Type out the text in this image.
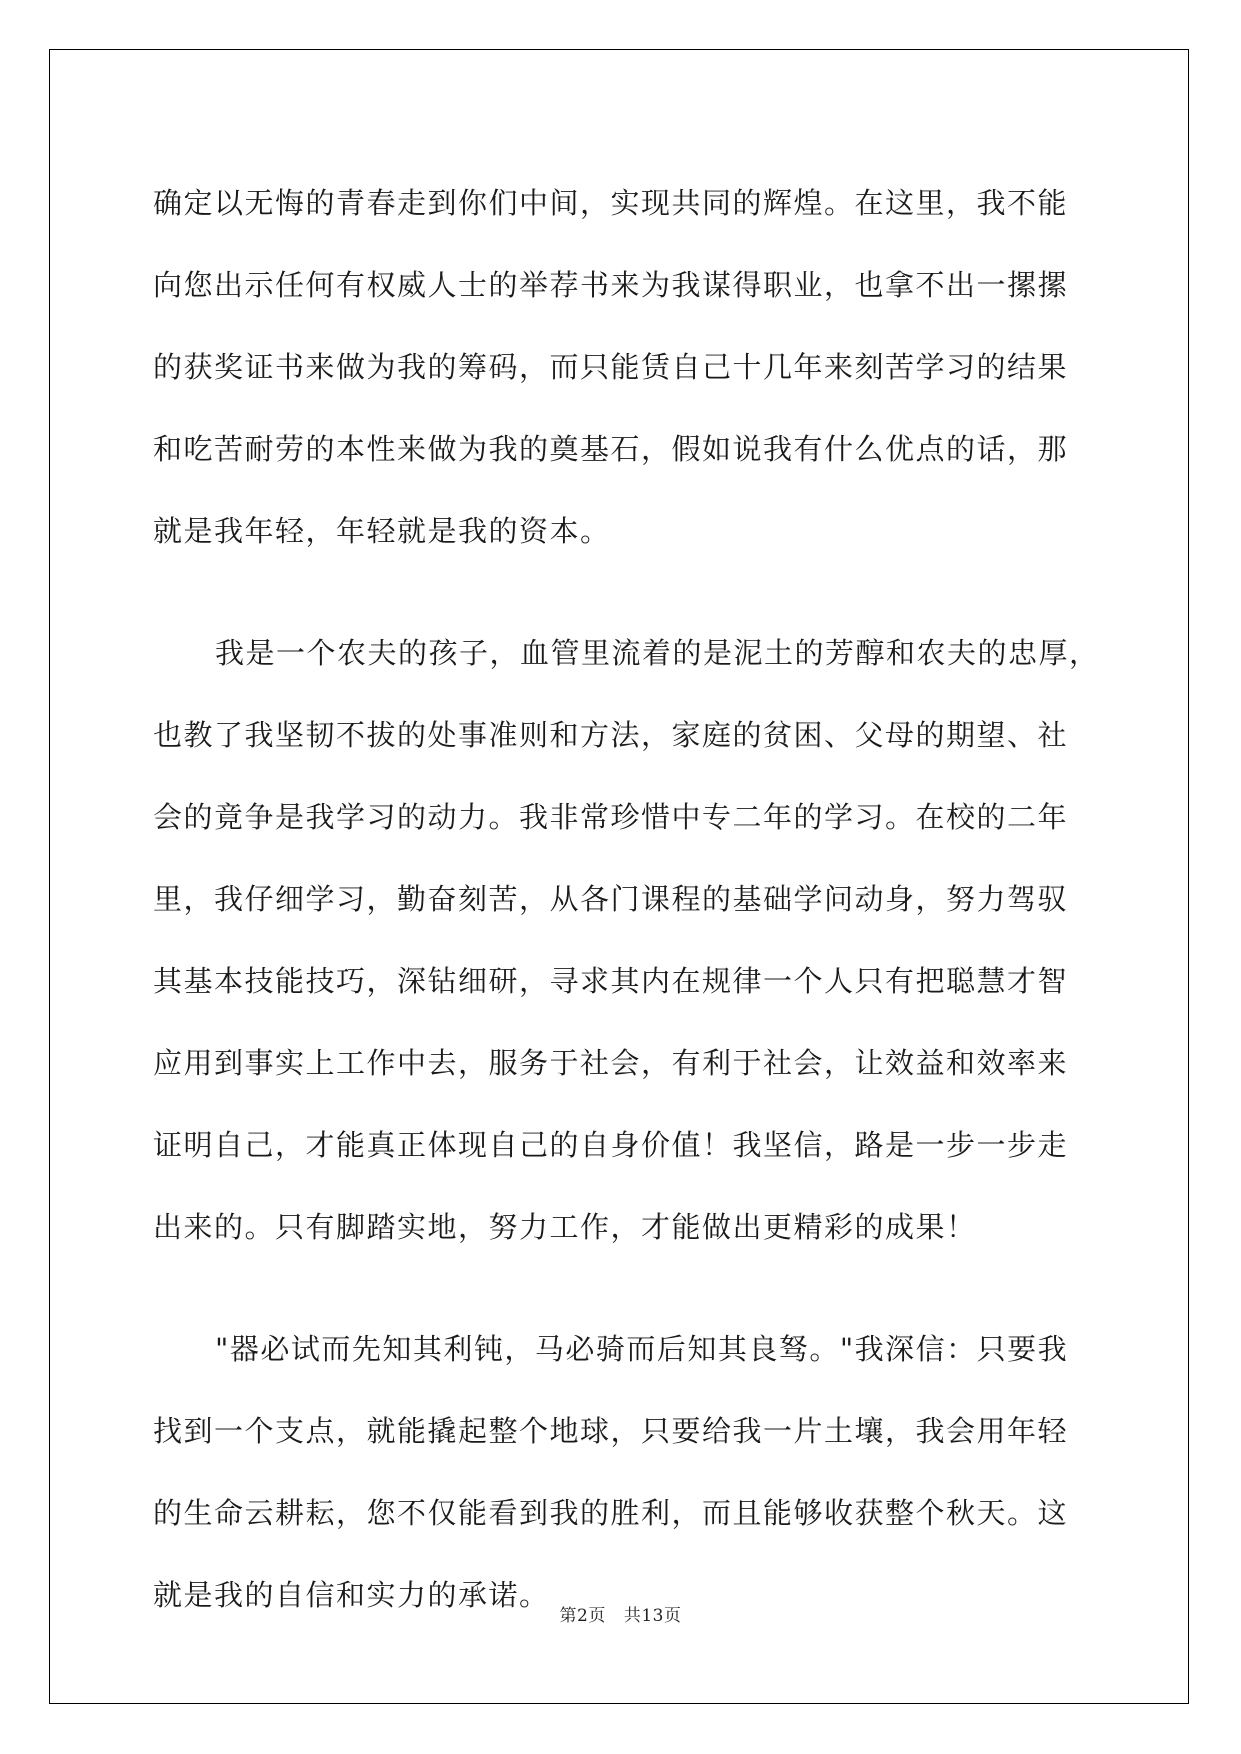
确定以无悔的青春走到你们中间，实现共同的辉煌。在这里，我不能
向您出示任何有权威人士的举荐书来为我谋得职业，也拿不出一摞摞
的获奖证书来做为我的筹码，而只能赁自己十几年来刻苦学习的结果
和吃苦耐劳的本性来做为我的奠基石，假如说我有什么优点的话，那
就是我年轻，年轻就是我的资本。

我是一个农夫的孩子，血管里流着的是泥土的芳醇和农夫的忠厚，
也教了我坚韧不拔的处事准则和方法，家庭的贫困、父母的期望、社
会的竟争是我学习的动力。我非常珍惜中专二年的学习。在校的二年
里，我仔细学习，勤奋刻苦，从各门课程的基础学问动身，努力驾驭
其基本技能技巧，深钻细研，寻求其内在规律一个人只有把聪慧才智
应用到事实上工作中去，服务于社会，有利于社会，让效益和效率来
证明自己，才能真正体现自己的自身价值！我坚信，路是一步一步走
出来的。只有脚踏实地，努力工作，才能做出更精彩的成果！

"器必试而先知其利钝，马必骑而后知其良驽。"我深信：只要我
找到一个支点，就能撬起整个地球，只要给我一片土壤，我会用年轻
的生命云耕耘，您不仅能看到我的胜利，而且能够收获整个秋天。这
就是我的自信和实力的承诺。

第2页 共13页
